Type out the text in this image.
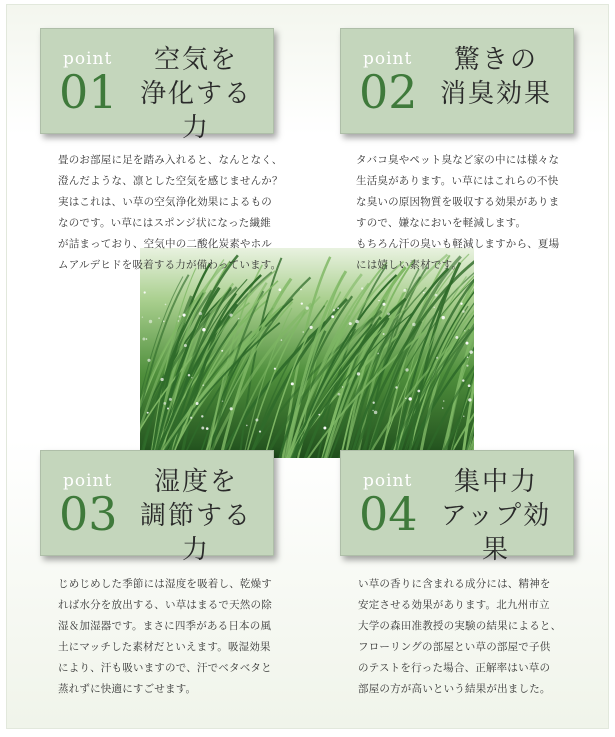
point
01
空気を
浄化する力
point
02
驚きの
消臭効果
畳のお部屋に足を踏み入れると、なんとなく、
澄んだような、凛とした空気を感じませんか？
実はこれは、い草の空気浄化効果によるもの
なのです。い草にはスポンジ状になった繊維
が詰まっており、空気中の二酸化炭素やホル
ムアルデヒドを吸着する力が備わっています。
タバコ臭やペット臭など家の中には様々な
生活臭があります。い草にはこれらの不快
な臭いの原因物質を吸収する効果がありま
すので、嫌なにおいを軽減します。
もちろん汗の臭いも軽減しますから、夏場
には嬉しい素材です。
point
03
湿度を
調節する力
point
04
集中力
アップ効果
じめじめした季節には湿度を吸着し、乾燥す
れば水分を放出する、い草はまるで天然の除
湿＆加湿器です。まさに四季がある日本の風
土にマッチした素材だといえます。吸湿効果
により、汗も吸いますので、汗でベタベタと
蒸れずに快適にすごせます。
い草の香りに含まれる成分には、精神を
安定させる効果があります。北九州市立
大学の森田准教授の実験の結果によると、
フローリングの部屋とい草の部屋で子供
のテストを行った場合、正解率はい草の
部屋の方が高いという結果が出ました。
